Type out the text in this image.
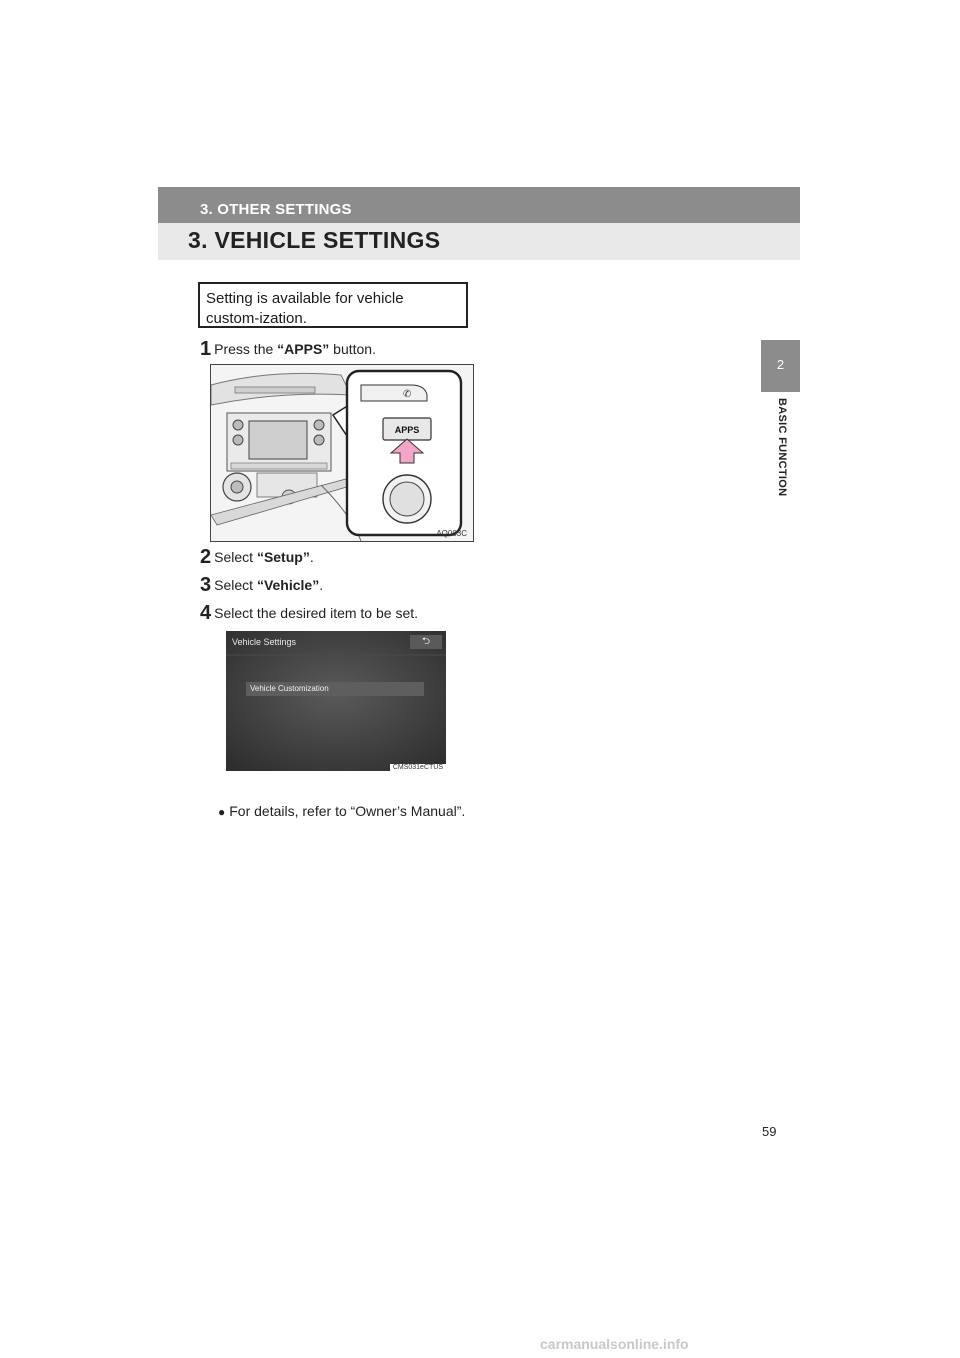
3. OTHER SETTINGS
3. VEHICLE SETTINGS
2
BASIC FUNCTION
Setting is available for vehicle custom-ization.
1 Press the “APPS” button.
✆
APPS
AQ003C
2 Select “Setup”.
3 Select “Vehicle”.
4 Select the desired item to be set.
Vehicle Settings	⮌
Vehicle Customization
CMS031eCTUS
● For details, refer to “Owner’s Manual”.
59
carmanualsonline.info
